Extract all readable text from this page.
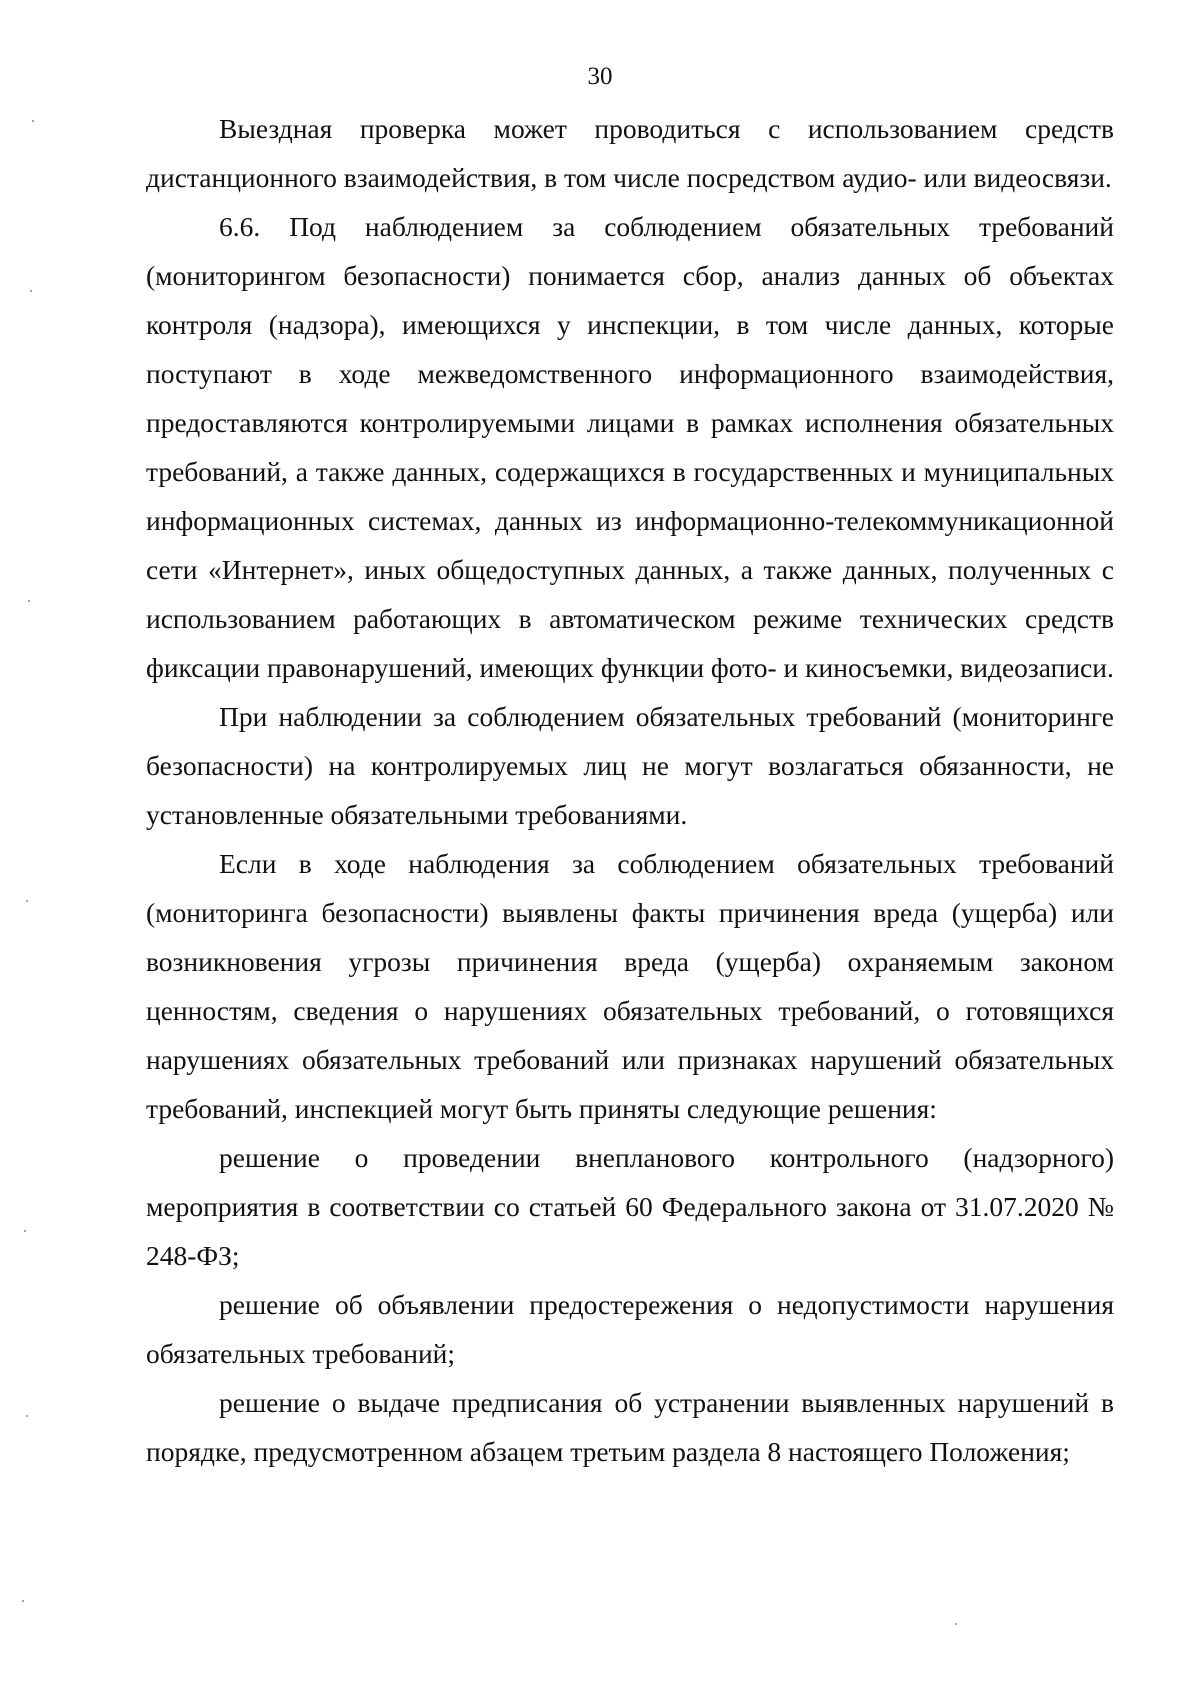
30

Выездная проверка может проводиться с использованием средств дистанционного взаимодействия, в том числе посредством аудио- или видеосвязи.

6.6. Под наблюдением за соблюдением обязательных требований (мониторингом безопасности) понимается сбор, анализ данных об объектах контроля (надзора), имеющихся у инспекции, в том числе данных, которые поступают в ходе межведомственного информационного взаимодействия, предоставляются контролируемыми лицами в рамках исполнения обязательных требований, а также данных, содержащихся в государственных и муниципальных информационных системах, данных из информационно-телекоммуникационной сети «Интернет», иных общедоступных данных, а также данных, полученных с использованием работающих в автоматическом режиме технических средств фиксации правонарушений, имеющих функции фото- и киносъемки, видеозаписи.

При наблюдении за соблюдением обязательных требований (мониторинге безопасности) на контролируемых лиц не могут возлагаться обязанности, не установленные обязательными требованиями.

Если в ходе наблюдения за соблюдением обязательных требований (мониторинга безопасности) выявлены факты причинения вреда (ущерба) или возникновения угрозы причинения вреда (ущерба) охраняемым законом ценностям, сведения о нарушениях обязательных требований, о готовящихся нарушениях обязательных требований или признаках нарушений обязательных требований, инспекцией могут быть приняты следующие решения:

решение о проведении внепланового контрольного (надзорного) мероприятия в соответствии со статьей 60 Федерального закона от 31.07.2020 № 248-ФЗ;

решение об объявлении предостережения о недопустимости нарушения обязательных требований;

решение о выдаче предписания об устранении выявленных нарушений в порядке, предусмотренном абзацем третьим раздела 8 настоящего Положения;
